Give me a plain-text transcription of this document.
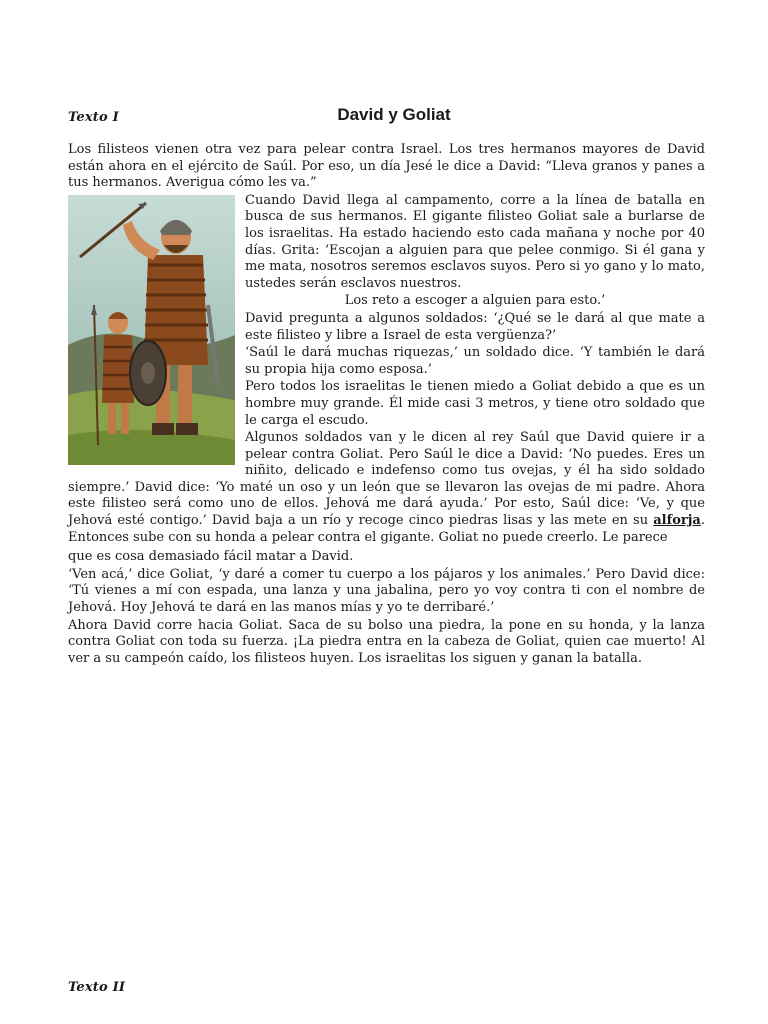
Texto I	David y Goliat

Los filisteos vienen otra vez para pelear contra Israel. Los tres hermanos mayores de David están ahora en el ejército de Saúl. Por eso, un día Jesé le dice a David: “Lleva granos y panes a tus hermanos. Averigua cómo les va.”

Cuando David llega al campamento, corre a la línea de batalla en busca de sus hermanos. El gigante filisteo Goliat sale a burlarse de los israelitas. Ha estado haciendo esto cada mañana y noche por 40 días. Grita: ‘Escojan a alguien para que pelee conmigo. Si él gana y me mata, nosotros seremos esclavos suyos. Pero si yo gano y lo mato, ustedes serán esclavos nuestros.

Los reto a escoger a alguien para esto.’

David pregunta a algunos soldados: ‘¿Qué se le dará al que mate a este filisteo y libre a Israel de esta vergüenza?’

‘Saúl le dará muchas riquezas,’ un soldado dice. ‘Y también le dará su propia hija como esposa.’

Pero todos los israelitas le tienen miedo a Goliat debido a que es un hombre muy grande. Él mide casi 3 metros, y tiene otro soldado que le carga el escudo.

Algunos soldados van y le dicen al rey Saúl que David quiere ir a pelear contra Goliat. Pero Saúl le dice a David: ‘No puedes. Eres un niñito, delicado e indefenso como tus ovejas, y él ha sido soldado siempre.’ David dice: ‘Yo maté un oso y un león que se llevaron las ovejas de mi padre. Ahora este filisteo será como uno de ellos. Jehová me dará ayuda.’ Por esto, Saúl dice: ‘Ve, y que Jehová esté contigo.’ David baja a un río y recoge cinco piedras lisas y las mete en su alforja. Entonces sube con su honda a pelear contra el gigante. Goliat no puede creerlo. Le parece

que es cosa demasiado fácil matar a David.

‘Ven acá,’ dice Goliat, ‘y daré a comer tu cuerpo a los pájaros y los animales.’ Pero David dice: ‘Tú vienes a mí con espada, una lanza y una jabalina, pero yo voy contra ti con el nombre de Jehová. Hoy Jehová te dará en las manos mías y yo te derribaré.’

Ahora David corre hacia Goliat. Saca de su bolso una piedra, la pone en su honda, y la lanza contra Goliat con toda su fuerza. ¡La piedra entra en la cabeza de Goliat, quien cae muerto! Al ver a su campeón caído, los filisteos huyen. Los israelitas los siguen y ganan la batalla.

Texto II
